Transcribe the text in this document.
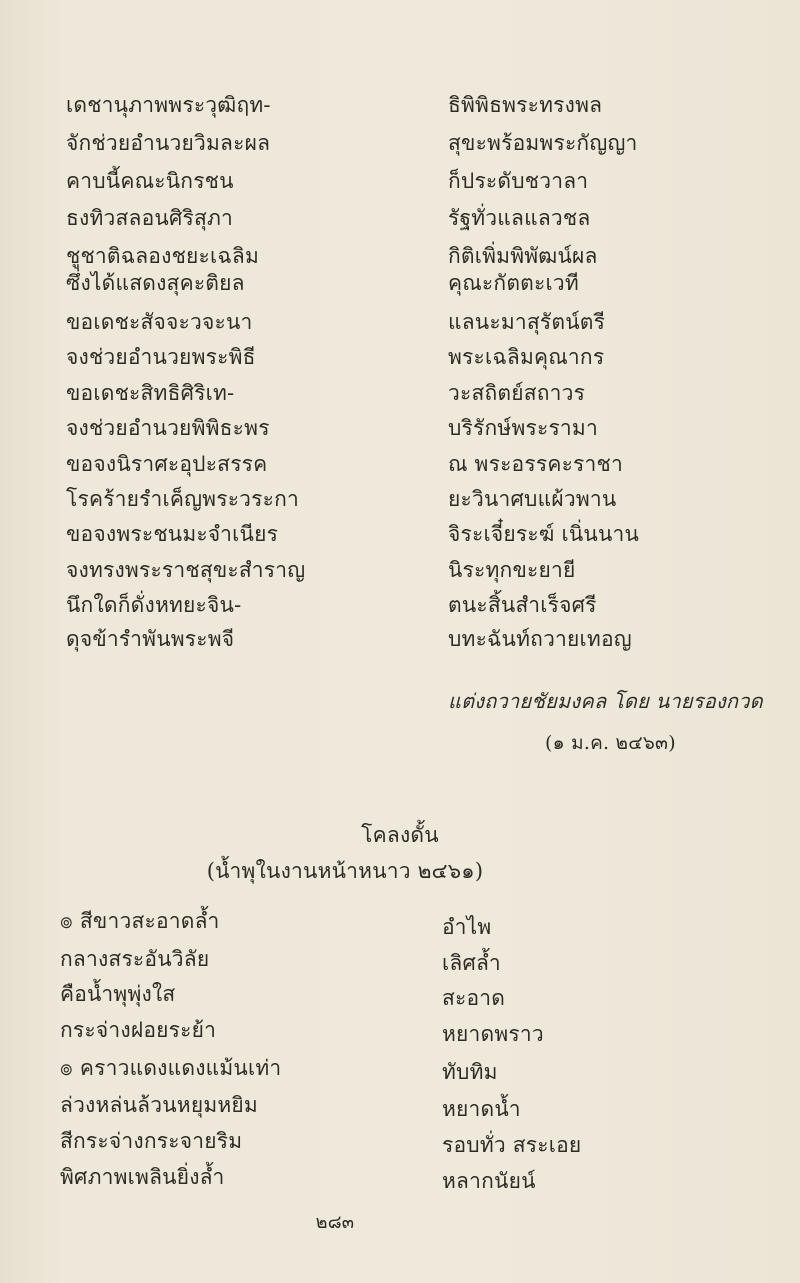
เดชานุภาพพระวุฒิฤท-
จักช่วยอำนวยวิมละผล
คาบนี้คณะนิกรชน
ธงทิวสลอนศิริสุภา
ชูชาติฉลองชยะเฉลิม
ซึ่งได้แสดงสุคะติยล
ขอเดชะสัจจะวจะนา
จงช่วยอำนวยพระพิธี
ขอเดชะสิทธิศิริเท-
จงช่วยอำนวยพิพิธะพร
ขอจงนิราศะอุปะสรรค
โรคร้ายรำเค็ญพระวระกา
ขอจงพระชนมะจำเนียร
จงทรงพระราชสุขะสำราญ
นึกใดก็ดั่งหทยะจิน-
ดุจข้ารำพันพระพจี
ธิพิพิธพระทรงพล
สุขะพร้อมพระกัญญา
ก็ประดับชวาลา
รัฐทั่วแลแลวชล
กิติเพิ่มพิพัฒน์ผล
คุณะกัตตะเวที
แลนะมาสุรัตน์ตรี
พระเฉลิมคุณากร
วะสถิตย์สถาวร
บริรักษ์พระรามา
ณ พระอรรคะราชา
ยะวินาศบแผ้วพาน
จิระเจี๋ยระฆ์ เนิ่นนาน
นิระทุกขะยายี
ตนะสิ้นสำเร็จศรี
บทะฉันท์ถวายเทอญ
แต่งถวายชัยมงคล โดย นายรองกวด
(๑ ม.ค. ๒๔๖๓)
โคลงดั้น
(น้ำพุในงานหน้าหนาว ๒๔๖๑)
๏ สีขาวสะอาดล้ำ
กลางสระอันวิลัย
คือน้ำพุพุ่งใส
กระจ่างฝอยระย้า
๏ คราวแดงแดงแม้นเท่า
ล่วงหล่นล้วนหยุมหยิม
สีกระจ่างกระจายริม
พิศภาพเพลินยิ่งล้ำ
อำไพ
เลิศล้ำ
สะอาด
หยาดพราว
ทับทิม
หยาดน้ำ
รอบทั่ว สระเอย
หลากนัยน์
๒๘๓
